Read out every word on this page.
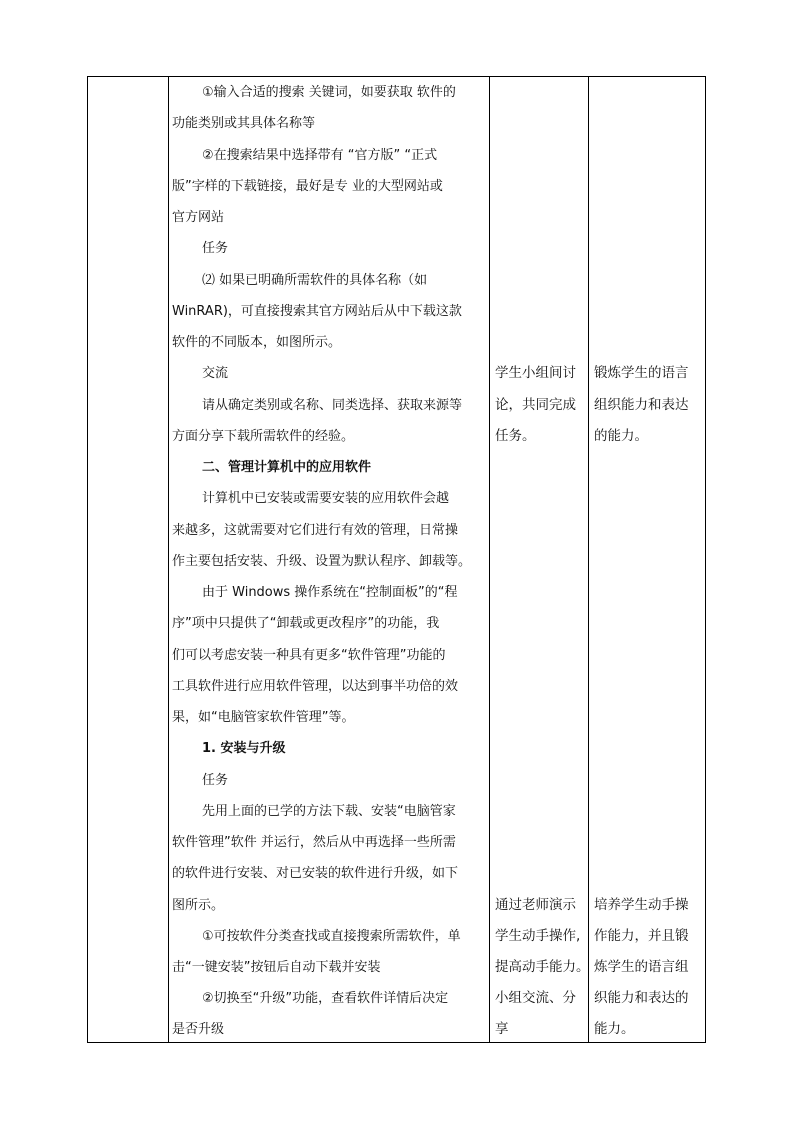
①输入合适的搜索 关键词，如要获取 软件的

功能类别或其具体名称等

②在搜索结果中选择带有 “官方版” “正式

版”字样的下载链接，最好是专 业的大型网站或

官方网站

任务

⑵ 如果已明确所需软件的具体名称（如

WinRAR)，可直接搜索其官方网站后从中下载这款

软件的不同版本，如图所示。

交流

请从确定类别或名称、同类选择、获取来源等

方面分享下载所需软件的经验。

二、管理计算机中的应用软件

计算机中已安装或需要安装的应用软件会越

来越多，这就需要对它们进行有效的管理，日常操

作主要包括安装、升级、设置为默认程序、卸载等。

由于 Windows 操作系统在“控制面板”的“程

序”项中只提供了“卸载或更改程序”的功能，我

们可以考虑安装一种具有更多“软件管理”功能的

工具软件进行应用软件管理，以达到事半功倍的效

果，如“电脑管家软件管理”等。

1. 安装与升级

任务

先用上面的已学的方法下载、安装“电脑管家

软件管理”软件 并运行，然后从中再选择一些所需

的软件进行安装、对已安装的软件进行升级，如下

图所示。

①可按软件分类查找或直接搜索所需软件，单

击“一键安装”按钮后自动下载并安装

②切换至“升级”功能，查看软件详情后决定

是否升级

学生小组间讨

论，共同完成

任务。

通过老师演示

学生动手操作,

提高动手能力。

小组交流、分

享

锻炼学生的语言

组织能力和表达

的能力。

培养学生动手操

作能力，并且锻

炼学生的语言组

织能力和表达的

能力。
